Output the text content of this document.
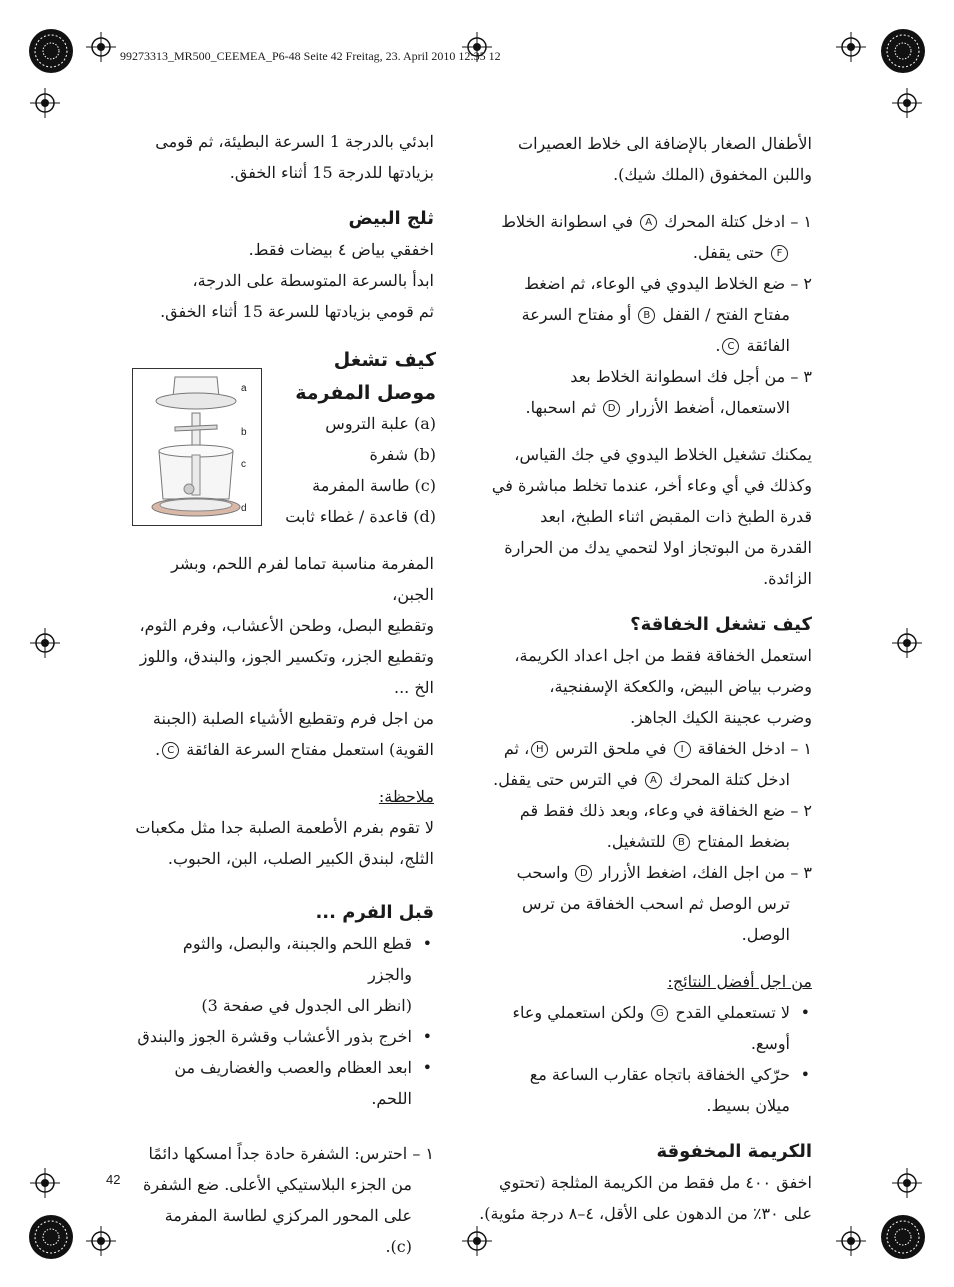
99273313_MR500_CEEMEA_P6-48 Seite 42 Freitag, 23. April 2010 12:35 12

الأطفال الصغار بالإضافة الى خلاط العصيرات

واللبن المخفوق (الملك شيك).

١ – ادخل كتلة المحرك A في اسطوانة الخلاط

F حتى يقفل.

٢ – ضع الخلاط اليدوي في الوعاء، ثم اضغط

مفتاح الفتح / القفل B أو مفتاح السرعة

الفائقة C.

٣ – من أجل فك اسطوانة الخلاط بعد

الاستعمال، أضغط الأزرار D ثم اسحبها.

يمكنك تشغيل الخلاط اليدوي في جك القياس،

وكذلك في أي وعاء أخر، عندما تخلط مباشرة في

قدرة الطبخ ذات المقبض اثناء الطبخ، ابعد

القدرة من البوتجاز اولا لتحمي يدك من الحرارة

الزائدة.

كيف تشغل الخفاقة؟

استعمل الخفاقة فقط من اجل اعداد الكريمة،

وضرب بياض البيض، والكعكة الإسفنجية،

وضرب عجينة الكيك الجاهز.

١ – ادخل الخفاقة I في ملحق الترس H، ثم

ادخل كتلة المحرك A في الترس حتى يقفل.

٢ – ضع الخفاقة في وعاء، وبعد ذلك فقط قم

بضغط المفتاح B للتشغيل.

٣ – من اجل الفك، اضغط الأزرار D واسحب

ترس الوصل ثم اسحب الخفاقة من ترس الوصل.

من اجل أفضل النتائج:

• لا تستعملي القدح G ولكن استعملي وعاء أوسع.

• حرّكي الخفاقة باتجاه عقارب الساعة مع

ميلان بسيط.

الكريمة المخفوقة

اخفق ٤٠٠ مل فقط من الكريمة المثلجة (تحتوي

على ٣٠٪ من الدهون على الأقل، ٤–٨ درجة مئوية).

ابدئي بالدرجة 1 السرعة البطيئة، ثم قومى

بزيادتها للدرجة 15 أثناء الخفق.

ثلج البيض

اخفقي بياض ٤ بيضات فقط.

ابدأ بالسرعة المتوسطة على الدرجة،

ثم قومي بزيادتها للسرعة 15 أثناء الخفق.

كيف تشغل

موصل المفرمة

a
b
c
d

(a) علبة التروس

(b) شفرة

(c) طاسة المفرمة

(d) قاعدة / غطاء ثابت

المفرمة مناسبة تماما لفرم اللحم، وبشر الجبن،

وتقطيع البصل، وطحن الأعشاب، وفرم الثوم،

وتقطيع الجزر، وتكسير الجوز، والبندق، واللوز

الخ ...

من اجل فرم وتقطيع الأشياء الصلبة (الجبنة

القوية) استعمل مفتاح السرعة الفائقة C.

ملاحظة:

لا تقوم بفرم الأطعمة الصلبة جدا مثل مكعبات

الثلج، لبندق الكبير الصلب، البن، الحبوب.

قبل الفرم ...

• قطع اللحم والجبنة، والبصل، والثوم والجزر

(انظر الى الجدول في صفحة 3)

• اخرج بذور الأعشاب وقشرة الجوز والبندق

• ابعد العظام والعصب والغضاريف من اللحم.

١ – احترس: الشفرة حادة جداً امسكها دائمًا

من الجزء البلاستيكي الأعلى. ضع الشفرة

على المحور المركزي لطاسة المفرمة (c).

42
